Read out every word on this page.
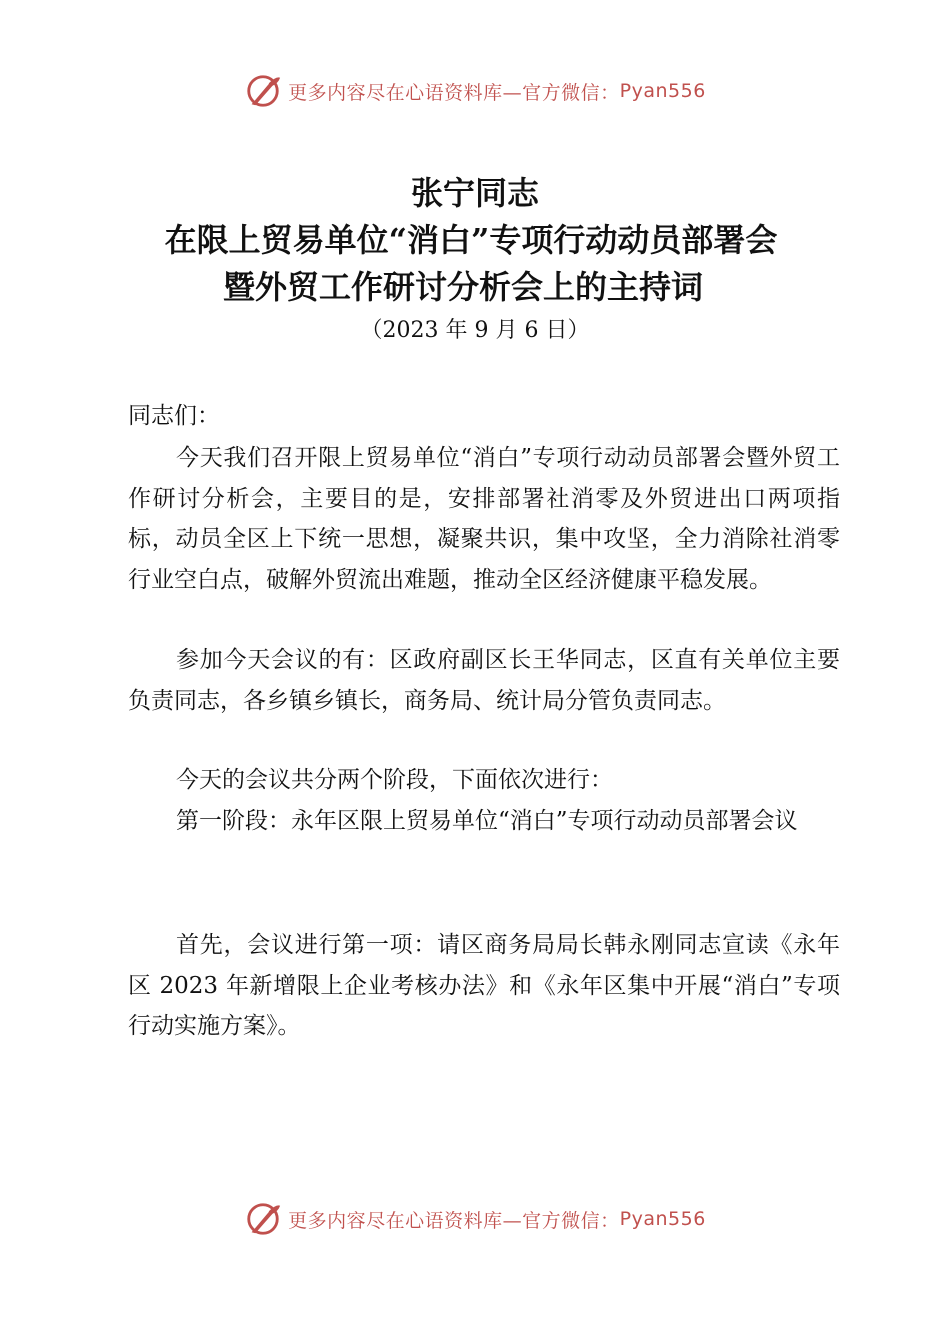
更多内容尽在心语资料库—官方微信： Pyan556
张宁同志
在限上贸易单位“消白”专项行动动员部署会
暨外贸工作研讨分析会上的主持词
（2023 年 9 月 6 日）

同志们：

今天我们召开限上贸易单位“消白”专项行动动员部署会暨外贸工作研讨分析会，主要目的是，安排部署社消零及外贸进出口两项指标，动员全区上下统一思想，凝聚共识，集中攻坚，全力消除社消零行业空白点，破解外贸流出难题，推动全区经济健康平稳发展。

参加今天会议的有：区政府副区长王华同志，区直有关单位主要负责同志，各乡镇乡镇长，商务局、统计局分管负责同志。

今天的会议共分两个阶段，下面依次进行：

第一阶段：永年区限上贸易单位“消白”专项行动动员部署会议

首先，会议进行第一项：请区商务局局长韩永刚同志宣读《永年区 2023 年新增限上企业考核办法》和《永年区集中开展“消白”专项行动实施方案》。

更多内容尽在心语资料库—官方微信： Pyan556
